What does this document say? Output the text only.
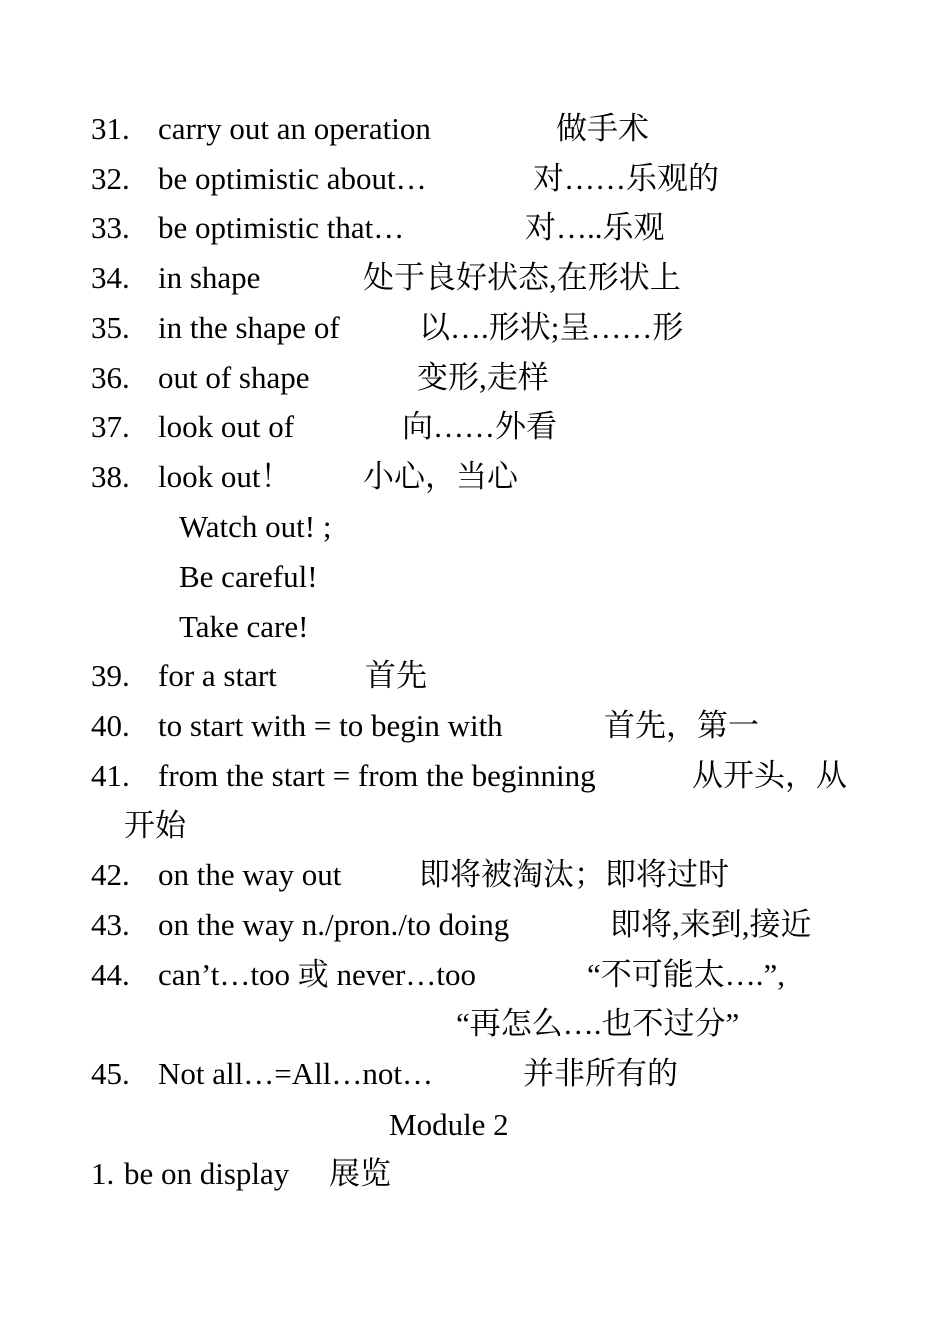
31. carry out an operation	做手术
32. be optimistic about…	对……乐观的
33. be optimistic that…	对…..乐观
34. in shape	处于良好状态,在形状上
35. in the shape of	以….形状;呈……形
36. out of shape	变形,走样
37. look out of	向……外看
38. look out！ 小心，当心
Watch out! ;
Be careful!
Take care!
39. for a start	首先
40. to start with = to begin with	首先，第一
41. from the start = from the beginning	从开头，从
开始
42. on the way out	即将被淘汰；即将过时
43. on the way n./pron./to doing	即将,来到,接近
44. can’t…too 或 never…too	“不可能太….”,
“再怎么….也不过分”
45. Not all…=All…not…	并非所有的
Module 2
1. be on display 展览
